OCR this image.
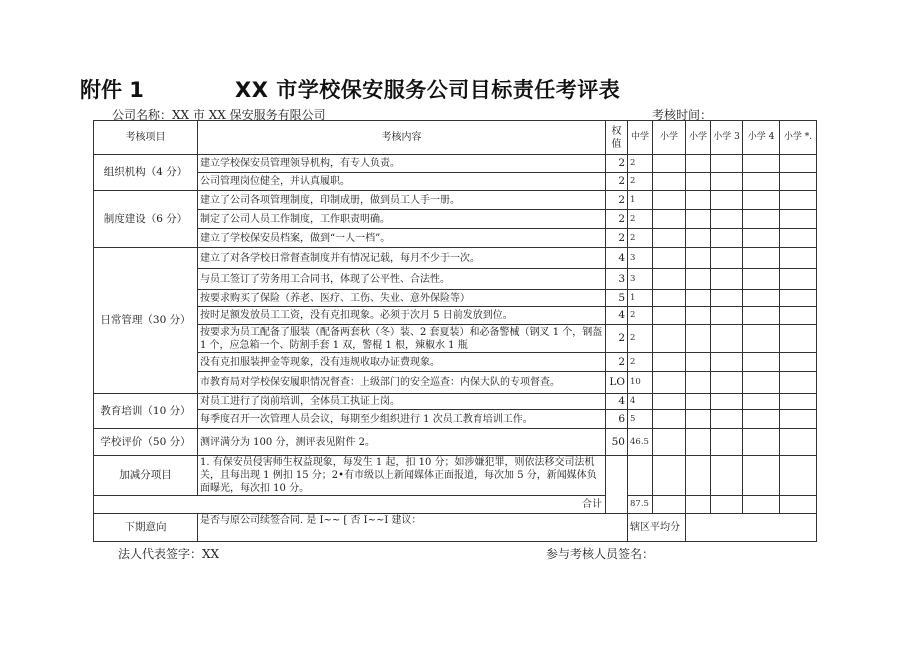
附件 1	XX 市学校保安服务公司目标责任考评表
公司名称：XX 市 XX 保安服务有限公司	考核时间：
考核项目	考核内容	权值	中学	小学	小学	小学 3	小学 4	小学 *.
组织机构（4 分）	建立学校保安员管理领导机构，有专人负责。	2	2					
	公司管理岗位健全，并认真履职。	2	2					
制度建设（6 分）	建立了公司各项管理制度，印制成册，做到员工人手一册。	2	1					
	制定了公司人员工作制度，工作职责明确。	2	2					
	建立了学校保安员档案，做到“一人一档”。	2	2					
日常管理（30 分）	建立了对各学校日常督查制度并有情况记载，每月不少于一次。	4	3					
	与员工签订了劳务用工合同书，体现了公平性、合法性。	3	3					
	按要求购买了保险（养老、医疗、工伤、失业、意外保险等）	5	1					
	按时足额发放员工工资，没有克扣现象。必须于次月 5 日前发放到位。	4	2					
	按要求为员工配备了服装（配备两套秋（冬）装、2 套夏装）和必备警械（钢叉 1 个，钢盔 1 个，应急箱一个、防割手套 1 双，警棍 1 根，辣椒水 1 瓶	2	2					
	没有克扣服装押金等现象，没有违规收取办证费现象。	2	2					
	市教育局对学校保安履职情况督查：上级部门的安全巡查：内保大队的专项督查。	LO	10					
教育培训（10 分）	对员工进行了岗前培训，全体员工执证上岗。	4	4					
	每季度召开一次管理人员会议，每期至少组织进行 1 次员工教育培训工作。	6	5					
学校评价（50 分）	测评满分为 100 分，测评表见附件 2。	50	46.5					
加减分项目	1. 有保安员侵害师生权益现象，每发生 1 起，扣 10 分；如涉嫌犯罪，则依法移交司法机关，且每出现 1 例扣 15 分；2•有市级以上新闻媒体正面报道，每次加 5 分，新闻媒体负面曝光，每次扣 10 分。							
合计			87.5					
下期意向	是否与原公司续签合同. 是 I~~ [ 否 I~~I 建议：		辖区平均分					
法人代表签字：XX	参与考核人员签名：
